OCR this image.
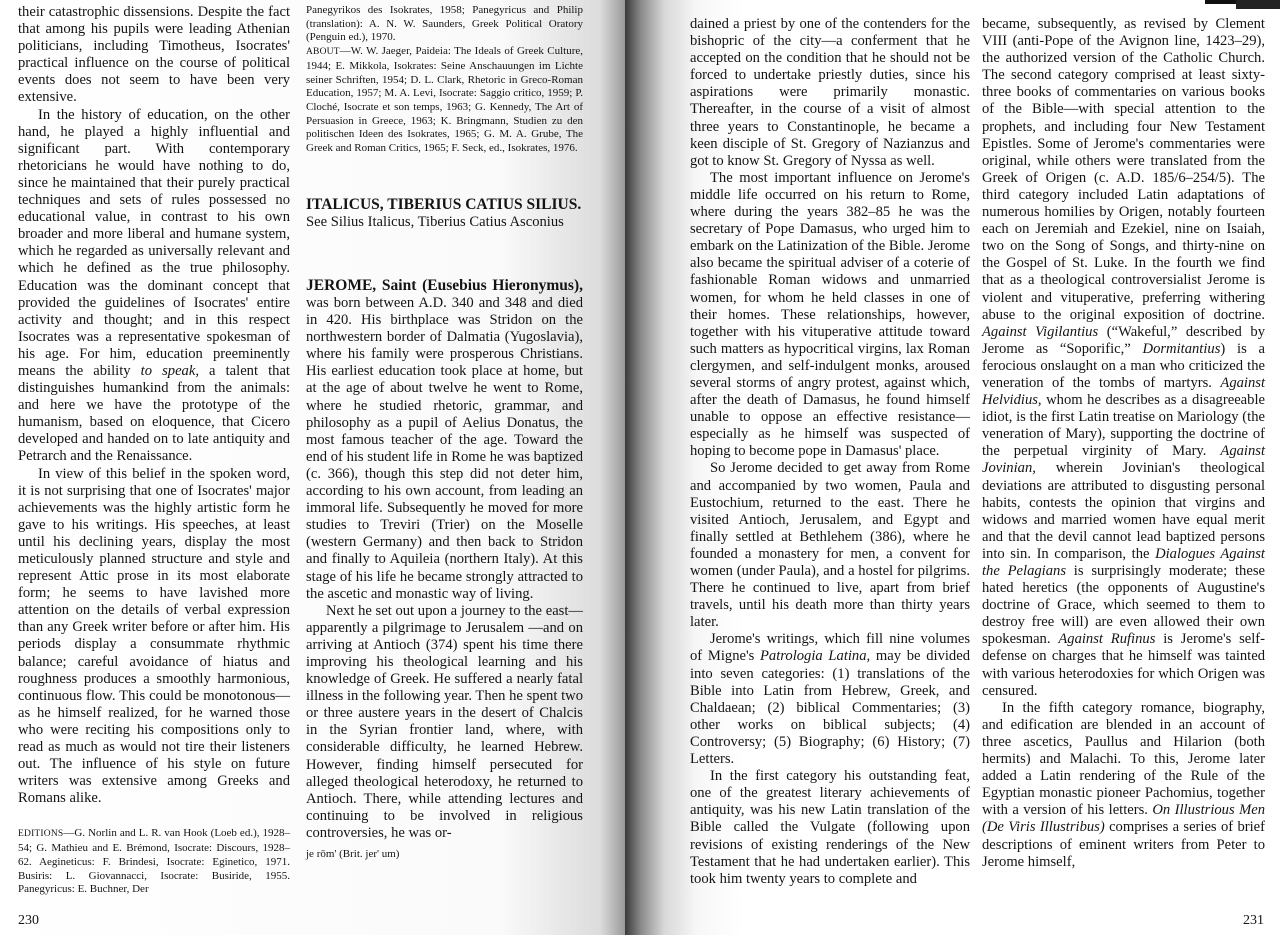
their catastrophic dissensions. Despite the fact that among his pupils were leading Athenian politicians, including Timotheus, Isocrates' practical influence on the course of political events does not seem to have been very extensive.

In the history of education, on the other hand, he played a highly influential and significant part. With contemporary rhetoricians he would have nothing to do, since he maintained that their purely practical techniques and sets of rules possessed no educational value, in contrast to his own broader and more liberal and humane system, which he regarded as universally relevant and which he defined as the true philosophy. Education was the dominant concept that provided the guidelines of Isocrates' entire activity and thought; and in this respect Isocrates was a representative spokesman of his age. For him, education preeminently means the ability to speak, a talent that distinguishes humankind from the animals: and here we have the prototype of the humanism, based on eloquence, that Cicero developed and handed on to late antiquity and Petrarch and the Renaissance.

In view of this belief in the spoken word, it is not surprising that one of Isocrates' major achievements was the highly artistic form he gave to his writings. His speeches, at least until his declining years, display the most meticulously planned structure and style and represent Attic prose in its most elaborate form; he seems to have lavished more attention on the details of verbal expression than any Greek writer before or after him. His periods display a consummate rhythmic balance; careful avoidance of hiatus and roughness produces a smoothly harmonious, continuous flow. This could be monotonous—as he himself realized, for he warned those who were reciting his compositions only to read as much as would not tire their listeners out. The influence of his style on future writers was extensive among Greeks and Romans alike.

EDITIONS—G. Norlin and L. R. van Hook (Loeb ed.), 1928–54; G. Mathieu and E. Brémond, Isocrate: Discours, 1928–62. Aegineticus: F. Brindesi, Isocrate: Eginetico, 1971. Busiris: L. Giovannacci, Isocrate: Busiride, 1955. Panegyricus: E. Buchner, Der

Panegyrikos des Isokrates, 1958; Panegyricus and Philip (translation): A. N. W. Saunders, Greek Political Oratory (Penguin ed.), 1970.

ABOUT—W. W. Jaeger, Paideia: The Ideals of Greek Culture, 1944; E. Mikkola, Isokrates: Seine Anschauungen im Lichte seiner Schriften, 1954; D. L. Clark, Rhetoric in Greco-Roman Education, 1957; M. A. Levi, Isocrate: Saggio critico, 1959; P. Cloché, Isocrate et son temps, 1963; G. Kennedy, The Art of Persuasion in Greece, 1963; K. Bringmann, Studien zu den politischen Ideen des Isokrates, 1965; G. M. A. Grube, The Greek and Roman Critics, 1965; F. Seck, ed., Isokrates, 1976.

ITALICUS, TIBERIUS CATIUS SILIUS.
See Silius Italicus, Tiberius Catius Asconius

JEROME, Saint (Eusebius Hieronymus), was born between A.D. 340 and 348 and died in 420. His birthplace was Stridon on the northwestern border of Dalmatia (Yugoslavia), where his family were prosperous Christians. His earliest education took place at home, but at the age of about twelve he went to Rome, where he studied rhetoric, grammar, and philosophy as a pupil of Aelius Donatus, the most famous teacher of the age. Toward the end of his student life in Rome he was baptized (c. 366), though this step did not deter him, according to his own account, from leading an immoral life. Subsequently he moved for more studies to Treviri (Trier) on the Moselle (western Germany) and then back to Stridon and finally to Aquileia (northern Italy). At this stage of his life he became strongly attracted to the ascetic and monastic way of living.

Next he set out upon a journey to the east—apparently a pilgrimage to Jerusalem —and on arriving at Antioch (374) spent his time there improving his theological learning and his knowledge of Greek. He suffered a nearly fatal illness in the following year. Then he spent two or three austere years in the desert of Chalcis in the Syrian frontier land, where, with considerable difficulty, he learned Hebrew. However, finding himself persecuted for alleged theological heterodoxy, he returned to Antioch. There, while attending lectures and continuing to be involved in religious controversies, he was or-

je rōm' (Brit. jer' um)

230

dained a priest by one of the contenders for the bishopric of the city—a conferment that he accepted on the condition that he should not be forced to undertake priestly duties, since his aspirations were primarily monastic. Thereafter, in the course of a visit of almost three years to Constantinople, he became a keen disciple of St. Gregory of Nazianzus and got to know St. Gregory of Nyssa as well.

The most important influence on Jerome's middle life occurred on his return to Rome, where during the years 382–85 he was the secretary of Pope Damasus, who urged him to embark on the Latinization of the Bible. Jerome also became the spiritual adviser of a coterie of fashionable Roman widows and unmarried women, for whom he held classes in one of their homes. These relationships, however, together with his vituperative attitude toward such matters as hypocritical virgins, lax Roman clergymen, and self-indulgent monks, aroused several storms of angry protest, against which, after the death of Damasus, he found himself unable to oppose an effective resistance—especially as he himself was suspected of hoping to become pope in Damasus' place.

So Jerome decided to get away from Rome and accompanied by two women, Paula and Eustochium, returned to the east. There he visited Antioch, Jerusalem, and Egypt and finally settled at Bethlehem (386), where he founded a monastery for men, a convent for women (under Paula), and a hostel for pilgrims. There he continued to live, apart from brief travels, until his death more than thirty years later.

Jerome's writings, which fill nine volumes of Migne's Patrologia Latina, may be divided into seven categories: (1) translations of the Bible into Latin from Hebrew, Greek, and Chaldaean; (2) biblical Commentaries; (3) other works on biblical subjects; (4) Controversy; (5) Biography; (6) History; (7) Letters.

In the first category his outstanding feat, one of the greatest literary achievements of antiquity, was his new Latin translation of the Bible called the Vulgate (following upon revisions of existing renderings of the New Testament that he had undertaken earlier). This took him twenty years to complete and

became, subsequently, as revised by Clement VIII (anti-Pope of the Avignon line, 1423–29), the authorized version of the Catholic Church. The second category comprised at least sixty-three books of commentaries on various books of the Bible—with special attention to the prophets, and including four New Testament Epistles. Some of Jerome's commentaries were original, while others were translated from the Greek of Origen (c. A.D. 185/6–254/5). The third category included Latin adaptations of numerous homilies by Origen, notably fourteen each on Jeremiah and Ezekiel, nine on Isaiah, two on the Song of Songs, and thirty-nine on the Gospel of St. Luke. In the fourth we find that as a theological controversialist Jerome is violent and vituperative, preferring withering abuse to the original exposition of doctrine. Against Vigilantius (“Wakeful,” described by Jerome as “Soporific,” Dormitantius) is a ferocious onslaught on a man who criticized the veneration of the tombs of martyrs. Against Helvidius, whom he describes as a disagreeable idiot, is the first Latin treatise on Mariology (the veneration of Mary), supporting the doctrine of the perpetual virginity of Mary. Against Jovinian, wherein Jovinian's theological deviations are attributed to disgusting personal habits, contests the opinion that virgins and widows and married women have equal merit and that the devil cannot lead baptized persons into sin. In comparison, the Dialogues Against the Pelagians is surprisingly moderate; these hated heretics (the opponents of Augustine's doctrine of Grace, which seemed to them to destroy free will) are even allowed their own spokesman. Against Rufinus is Jerome's self-defense on charges that he himself was tainted with various heterodoxies for which Origen was censured.

In the fifth category romance, biography, and edification are blended in an account of three ascetics, Paullus and Hilarion (both hermits) and Malachi. To this, Jerome later added a Latin rendering of the Rule of the Egyptian monastic pioneer Pachomius, together with a version of his letters. On Illustrious Men (De Viris Illustribus) comprises a series of brief descriptions of eminent writers from Peter to Jerome himself,

231
